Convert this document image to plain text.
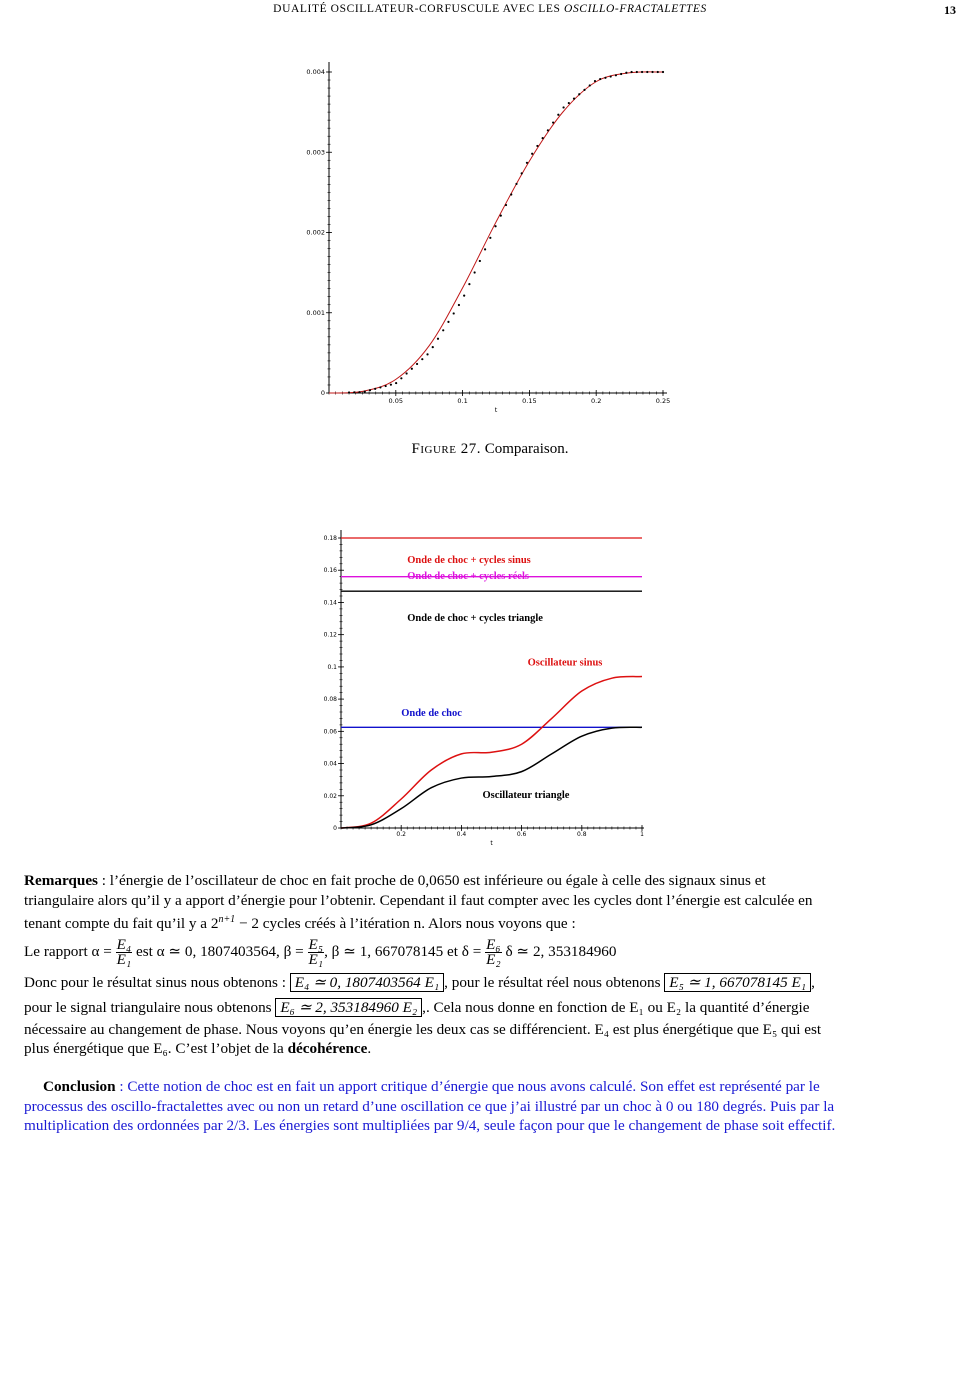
DUALITÉ OSCILLATEUR-CORFUSCULE AVEC LES OSCILLO-FRACTALETTES	13
0.05	0.1	0.15	0.2	0.25
0
0.001
0.002
0.003
0.004
t
Figure 27. Comparaison.
0.2	0.4	0.6	0.8	1
0
0.02
0.04
0.06
0.08
0.1
0.12
0.14
0.16
0.18
t
Onde de choc + cycles sinus
Onde de choc + cycles réels
Onde de choc + cycles triangle
Oscillateur sinus
Onde de choc
Oscillateur triangle
Remarques : l’énergie de l’oscillateur de choc en fait proche de 0,0650 est inférieure ou égale à celle des signaux sinus et
triangulaire alors qu’il y a apport d’énergie pour l’obtenir. Cependant il faut compter avec les cycles dont l’énergie est calculée en
tenant compte du fait qu’il y a $2^{n+1} - 2$ cycles créés à l’itération n. Alors nous voyons que :
Le rapport $\alpha = \frac{\text{E₄}}{\text{E₁}}$ est α ≃ 0, 1807403564, $\beta = \frac{\text{E₅}}{\text{E₁}}$ , β ≃ 1, 667078145 et $\delta = \frac{\text{E₆}}{\text{E₂}}$ δ ≃ 2, 353184960
Donc pour le résultat sinus nous obtenons : E₄ ≃ 0, 1807403564 E₁ , pour le résultat réel nous obtenons E₅ ≃ 1, 667078145 E₁ ,
pour le signal triangulaire nous obtenons E₆ ≃ 2, 353184960 E₂ ,. Cela nous donne en fonction de E₁ ou E₂ la quantité d’énergie
nécessaire au changement de phase. Nous voyons qu’en énergie les deux cas se différencient. E₄ est plus énergétique que E₅ qui est
plus énergétique que E₆. C’est l’objet de la décohérence.
Conclusion : Cette notion de choc est en fait un apport critique d’énergie que nous avons calculé. Son effet est représenté par le
processus des oscillo-fractalettes avec ou non un retard d’une oscillation ce que j’ai illustré par un choc à 0 ou 180 degrés. Puis par la
multiplication des ordonnées par 2/3. Les énergies sont multipliées par 9/4, seule façon pour que le changement de phase soit effectif.
